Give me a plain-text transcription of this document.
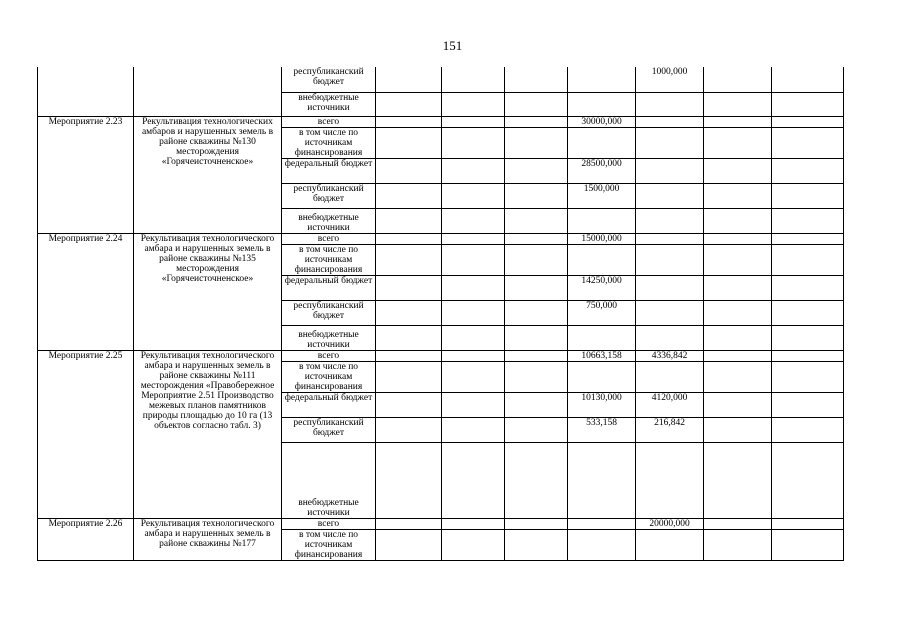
151
		республиканский бюджет					1000,000		
		внебюджетные источники							
Мероприятие 2.23	Рекультивация технологических амбаров и нарушенных земель в районе скважины №130 месторождения «Горячеисточненское»	всего				30000,000			
		в том числе по источникам финансирования							
		федеральный бюджет				28500,000			
		республиканский бюджет				1500,000			
		внебюджетные источники							
Мероприятие 2.24	Рекультивация технологического амбара и нарушенных земель в районе скважины №135 месторождения «Горячеисточненское»	всего				15000,000			
		в том числе по источникам финансирования							
		федеральный бюджет				14250,000			
		республиканский бюджет				750,000			
		внебюджетные источники							
Мероприятие 2.25	Рекультивация технологического амбара и нарушенных земель в районе скважины №111 месторождения «Правобережное Мероприятие 2.51 Производство межевых планов памятников природы площадью до 10 га (13 объектов согласно табл. 3)	всего				10663,158	4336,842		
		в том числе по источникам финансирования							
		федеральный бюджет				10130,000	4120,000		
		республиканский бюджет				533,158	216,842		
		внебюджетные источники							
Мероприятие 2.26	Рекультивация технологического амбара и нарушенных земель в районе скважины №177	всего					20000,000		
		в том числе по источникам финансирования							
